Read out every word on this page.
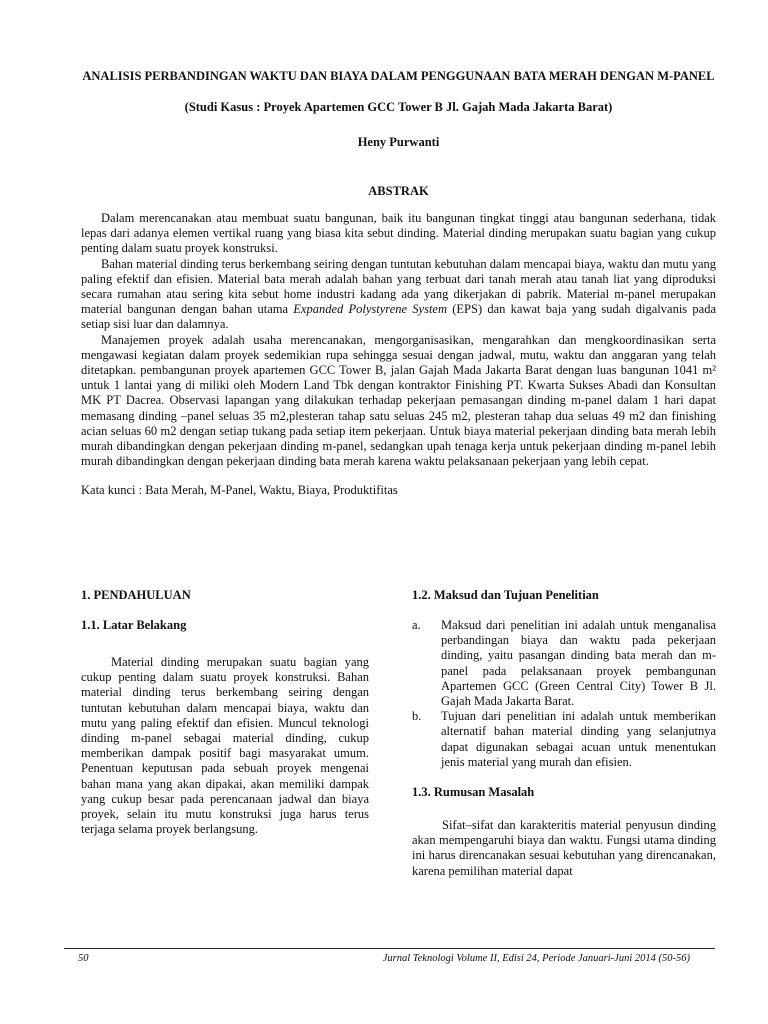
ANALISIS PERBANDINGAN WAKTU DAN BIAYA DALAM PENGGUNAAN BATA MERAH DENGAN M-PANEL

(Studi Kasus : Proyek Apartemen GCC Tower B Jl. Gajah Mada Jakarta Barat)

Heny Purwanti

ABSTRAK

Dalam merencanakan atau membuat suatu bangunan, baik itu bangunan tingkat tinggi atau bangunan sederhana, tidak lepas dari adanya elemen vertikal ruang yang biasa kita sebut dinding. Material dinding merupakan suatu bagian yang cukup penting dalam suatu proyek konstruksi.

Bahan material dinding terus berkembang seiring dengan tuntutan kebutuhan dalam mencapai biaya, waktu dan mutu yang paling efektif dan efisien. Material bata merah adalah bahan yang terbuat dari tanah merah atau tanah liat yang diproduksi secara rumahan atau sering kita sebut home industri kadang ada yang dikerjakan di pabrik. Material m-panel merupakan material bangunan dengan bahan utama Expanded Polystyrene System (EPS) dan kawat baja yang sudah digalvanis pada setiap sisi luar dan dalamnya.

Manajemen proyek adalah usaha merencanakan, mengorganisasikan, mengarahkan dan mengkoordinasikan serta mengawasi kegiatan dalam proyek sedemikian rupa sehingga sesuai dengan jadwal, mutu, waktu dan anggaran yang telah ditetapkan. pembangunan proyek apartemen GCC Tower B, jalan Gajah Mada Jakarta Barat dengan luas bangunan 1041 m² untuk 1 lantai yang di miliki oleh Modern Land Tbk dengan kontraktor Finishing PT. Kwarta Sukses Abadi dan Konsultan MK PT Dacrea. Observasi lapangan yang dilakukan terhadap pekerjaan pemasangan dinding m-panel dalam 1 hari dapat memasang dinding –panel seluas 35 m2,plesteran tahap satu seluas 245 m2, plesteran tahap dua seluas 49 m2 dan finishing acian seluas 60 m2 dengan setiap tukang pada setiap item pekerjaan. Untuk biaya material pekerjaan dinding bata merah lebih murah dibandingkan dengan pekerjaan dinding m-panel, sedangkan upah tenaga kerja untuk pekerjaan dinding m-panel lebih murah dibandingkan dengan pekerjaan dinding bata merah karena waktu pelaksanaan pekerjaan yang lebih cepat.

Kata kunci : Bata Merah, M-Panel, Waktu, Biaya, Produktifitas

1. PENDAHULUAN

1.1. Latar Belakang

Material dinding merupakan suatu bagian yang cukup penting dalam suatu proyek konstruksi. Bahan material dinding terus berkembang seiring dengan tuntutan kebutuhan dalam mencapai biaya, waktu dan mutu yang paling efektif dan efisien. Muncul teknologi dinding m-panel sebagai material dinding, cukup memberikan dampak positif bagi masyarakat umum. Penentuan keputusan pada sebuah proyek mengenai bahan mana yang akan dipakai, akan memiliki dampak yang cukup besar pada perencanaan jadwal dan biaya proyek, selain itu mutu konstruksi juga harus terus terjaga selama proyek berlangsung.

1.2. Maksud dan Tujuan Penelitian

a. Maksud dari penelitian ini adalah untuk menganalisa perbandingan biaya dan waktu pada pekerjaan dinding, yaitu pasangan dinding bata merah dan m-panel pada pelaksanaan proyek pembangunan Apartemen GCC (Green Central City) Tower B Jl. Gajah Mada Jakarta Barat.
b. Tujuan dari penelitian ini adalah untuk memberikan alternatif bahan material dinding yang selanjutnya dapat digunakan sebagai acuan untuk menentukan jenis material yang murah dan efisien.

1.3. Rumusan Masalah

Sifat–sifat dan karakteritis material penyusun dinding akan mempengaruhi biaya dan waktu. Fungsi utama dinding ini harus direncanakan sesuai kebutuhan yang direncanakan, karena pemilihan material dapat

50	Jurnal Teknologi Volume II, Edisi 24, Periode Januari-Juni 2014 (50-56)
